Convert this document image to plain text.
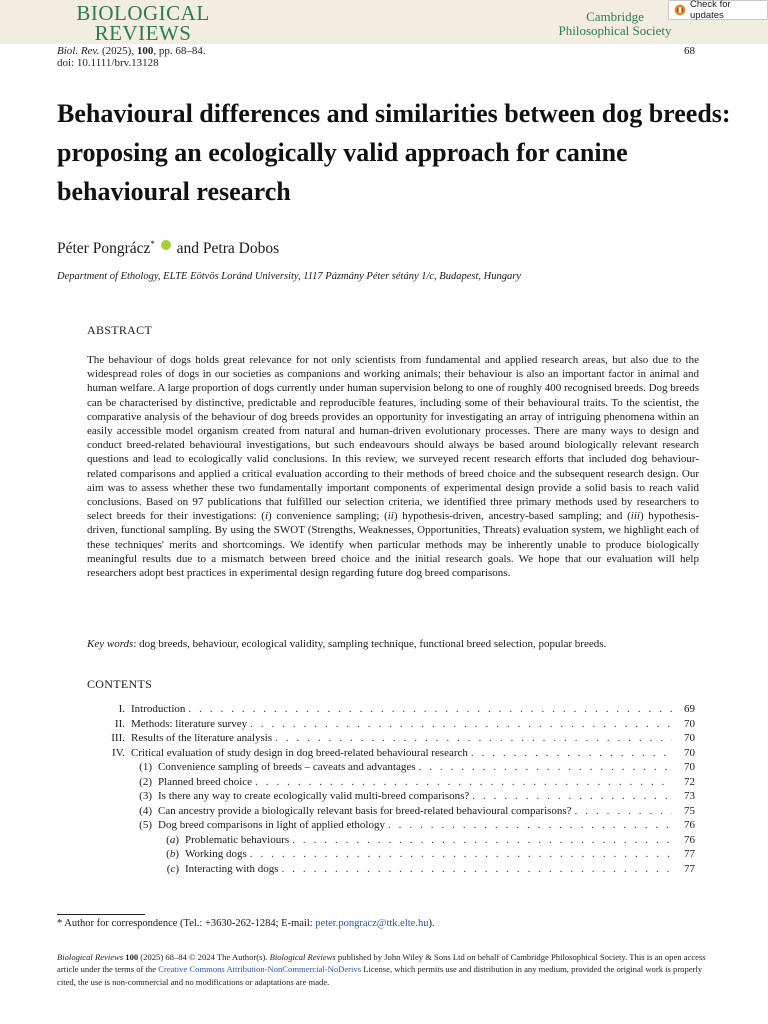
BIOLOGICAL
REVIEWS
Cambridge
Philosophical Society
Check for updates
Biol. Rev. (2025), 100, pp. 68–84.
doi: 10.1111/brv.13128
68
Behavioural differences and similarities between dog breeds: proposing an ecologically valid approach for canine behavioural research
Péter Pongrácz* and Petra Dobos
Department of Ethology, ELTE Eötvös Loránd University, 1117 Pázmány Péter sétány 1/c, Budapest, Hungary
ABSTRACT
The behaviour of dogs holds great relevance for not only scientists from fundamental and applied research areas, but also due to the widespread roles of dogs in our societies as companions and working animals; their behaviour is also an important factor in animal and human welfare. A large proportion of dogs currently under human supervision belong to one of roughly 400 recognised breeds. Dog breeds can be characterised by distinctive, predictable and reproducible features, including some of their behavioural traits. To the scientist, the comparative analysis of the behaviour of dog breeds provides an opportunity for investigating an array of intriguing phenomena within an easily accessible model organism created from natural and human-driven evolutionary processes. There are many ways to design and conduct breed-related behavioural investigations, but such endeavours should always be based around biologically relevant research questions and lead to ecologically valid conclusions. In this review, we surveyed recent research efforts that included dog behaviour-related comparisons and applied a critical evaluation according to their methods of breed choice and the subsequent research design. Our aim was to assess whether these two fundamentally important components of experimental design provide a solid basis to reach valid conclusions. Based on 97 publications that fulfilled our selection criteria, we identified three primary methods used by researchers to select breeds for their investigations: (i) convenience sampling; (ii) hypothesis-driven, ancestry-based sampling; and (iii) hypothesis-driven, functional sampling. By using the SWOT (Strengths, Weaknesses, Opportunities, Threats) evaluation system, we highlight each of these techniques' merits and shortcomings. We identify when particular methods may be inherently unable to produce biologically meaningful results due to a mismatch between breed choice and the initial research goals. We hope that our evaluation will help researchers adopt best practices in experimental design regarding future dog breed comparisons.
Key words: dog breeds, behaviour, ecological validity, sampling technique, functional breed selection, popular breeds.
CONTENTS
I. Introduction . . .	69
II. Methods: literature survey . . .	70
III. Results of the literature analysis . . .	70
IV. Critical evaluation of study design in dog breed-related behavioural research . . .	70
(1) Convenience sampling of breeds – caveats and advantages . . .	70
(2) Planned breed choice . . .	72
(3) Is there any way to create ecologically valid multi-breed comparisons? . . .	73
(4) Can ancestry provide a biologically relevant basis for breed-related behavioural comparisons? . . .	75
(5) Dog breed comparisons in light of applied ethology . . .	76
(a) Problematic behaviours . . .	76
(b) Working dogs . . .	77
(c) Interacting with dogs . . .	77
* Author for correspondence (Tel.: +3630-262-1284; E-mail: peter.pongracz@ttk.elte.hu).
Biological Reviews 100 (2025) 68–84 © 2024 The Author(s). Biological Reviews published by John Wiley & Sons Ltd on behalf of Cambridge Philosophical Society. This is an open access article under the terms of the Creative Commons Attribution-NonCommercial-NoDerivs License, which permits use and distribution in any medium, provided the original work is properly cited, the use is non-commercial and no modifications or adaptations are made.
